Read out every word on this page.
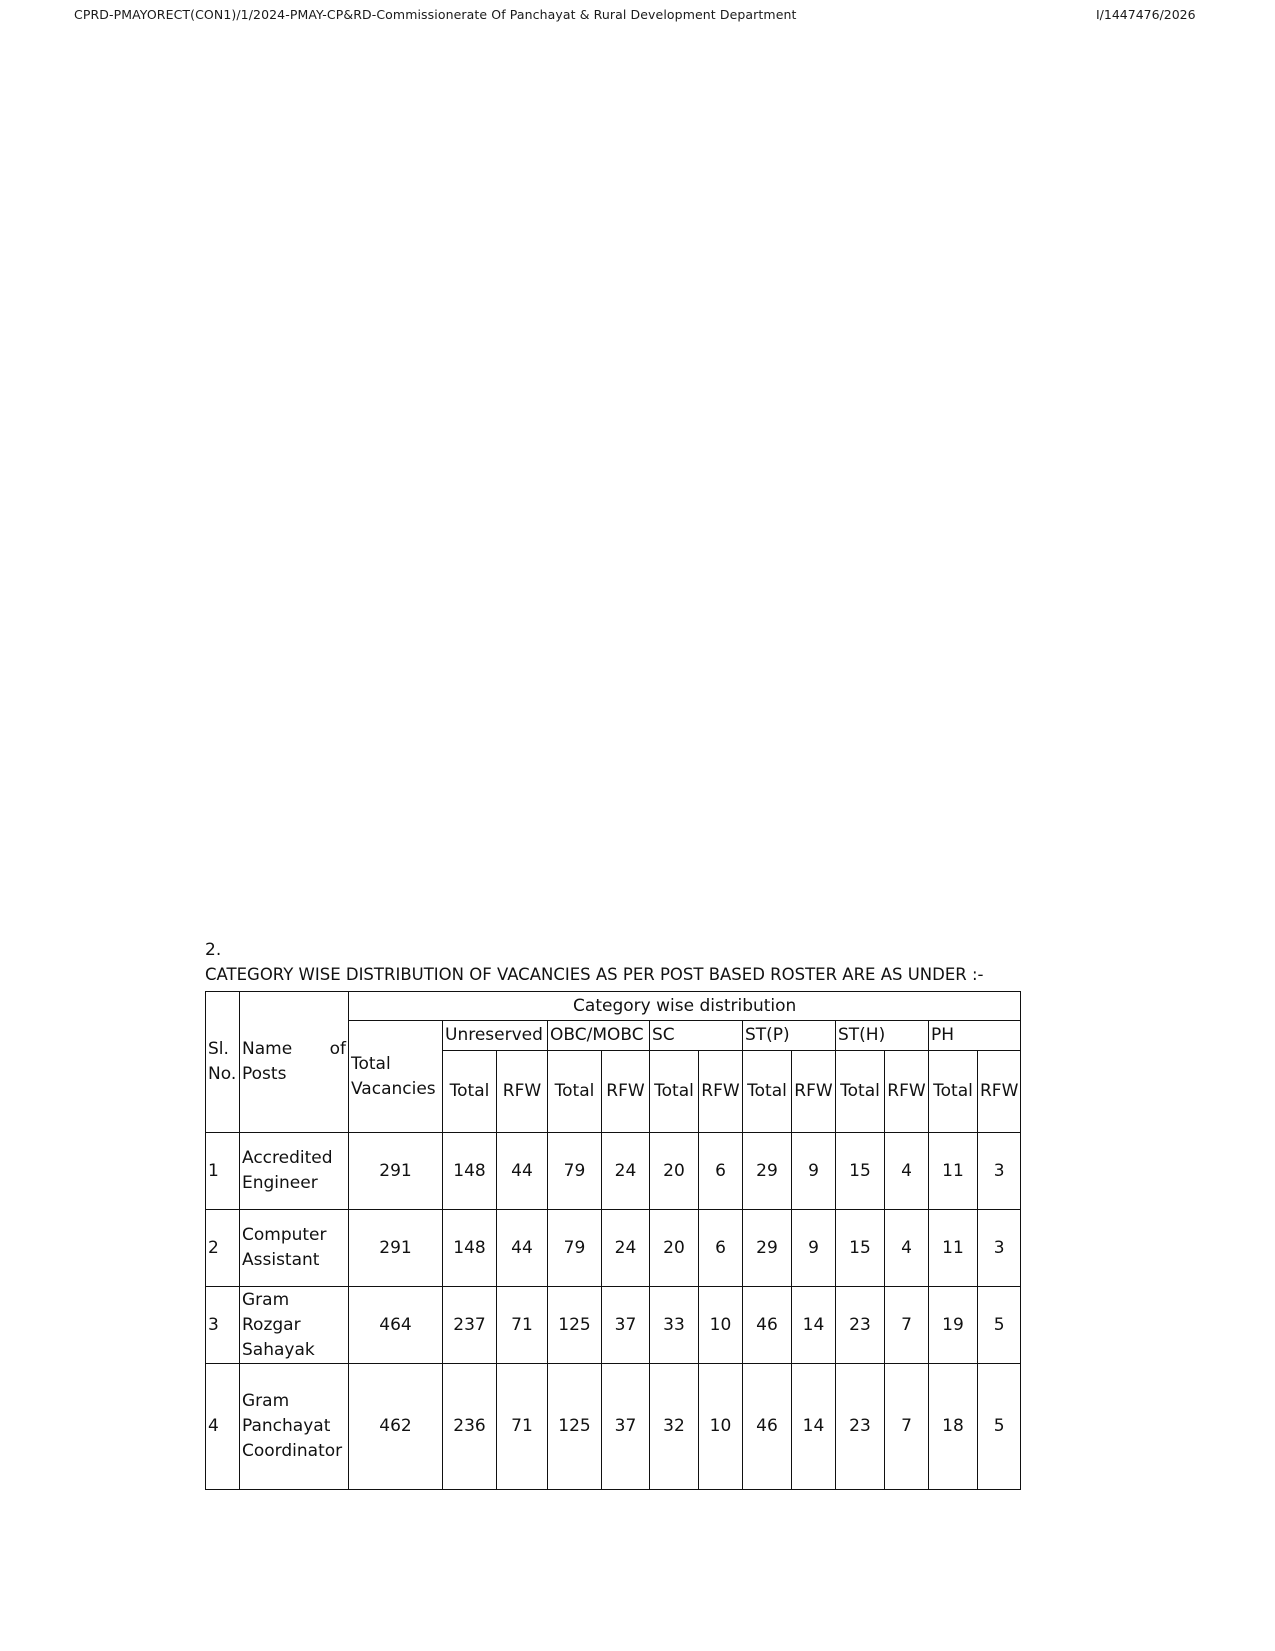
CPRD-PMAYORECT(CON1)/1/2024-PMAY-CP&RD-Commissionerate Of Panchayat & Rural Development Department	I/1447476/2026
2.
CATEGORY WISE DISTRIBUTION OF VACANCIES AS PER POST BASED ROSTER ARE AS UNDER :-
Sl.
No.

Name of
Posts
	Category wise distribution

		Total
Vacancies	Unreserved		OBC/MOBC		SC		ST(P)		ST(H)		PH	
			Total	RFW	Total	RFW	Total	RFW	Total	RFW	Total	RFW	Total	RFW
1	Accredited
Engineer	291	148	44	79	24	20	6	29	9	15	4	11	3
2	Computer
Assistant	291	148	44	79	24	20	6	29	9	15	4	11	3
3	Gram
Rozgar
Sahayak	464	237	71	125	37	33	10	46	14	23	7	19	5
4	Gram
Panchayat
Coordinator	462	236	71	125	37	32	10	46	14	23	7	18	5
